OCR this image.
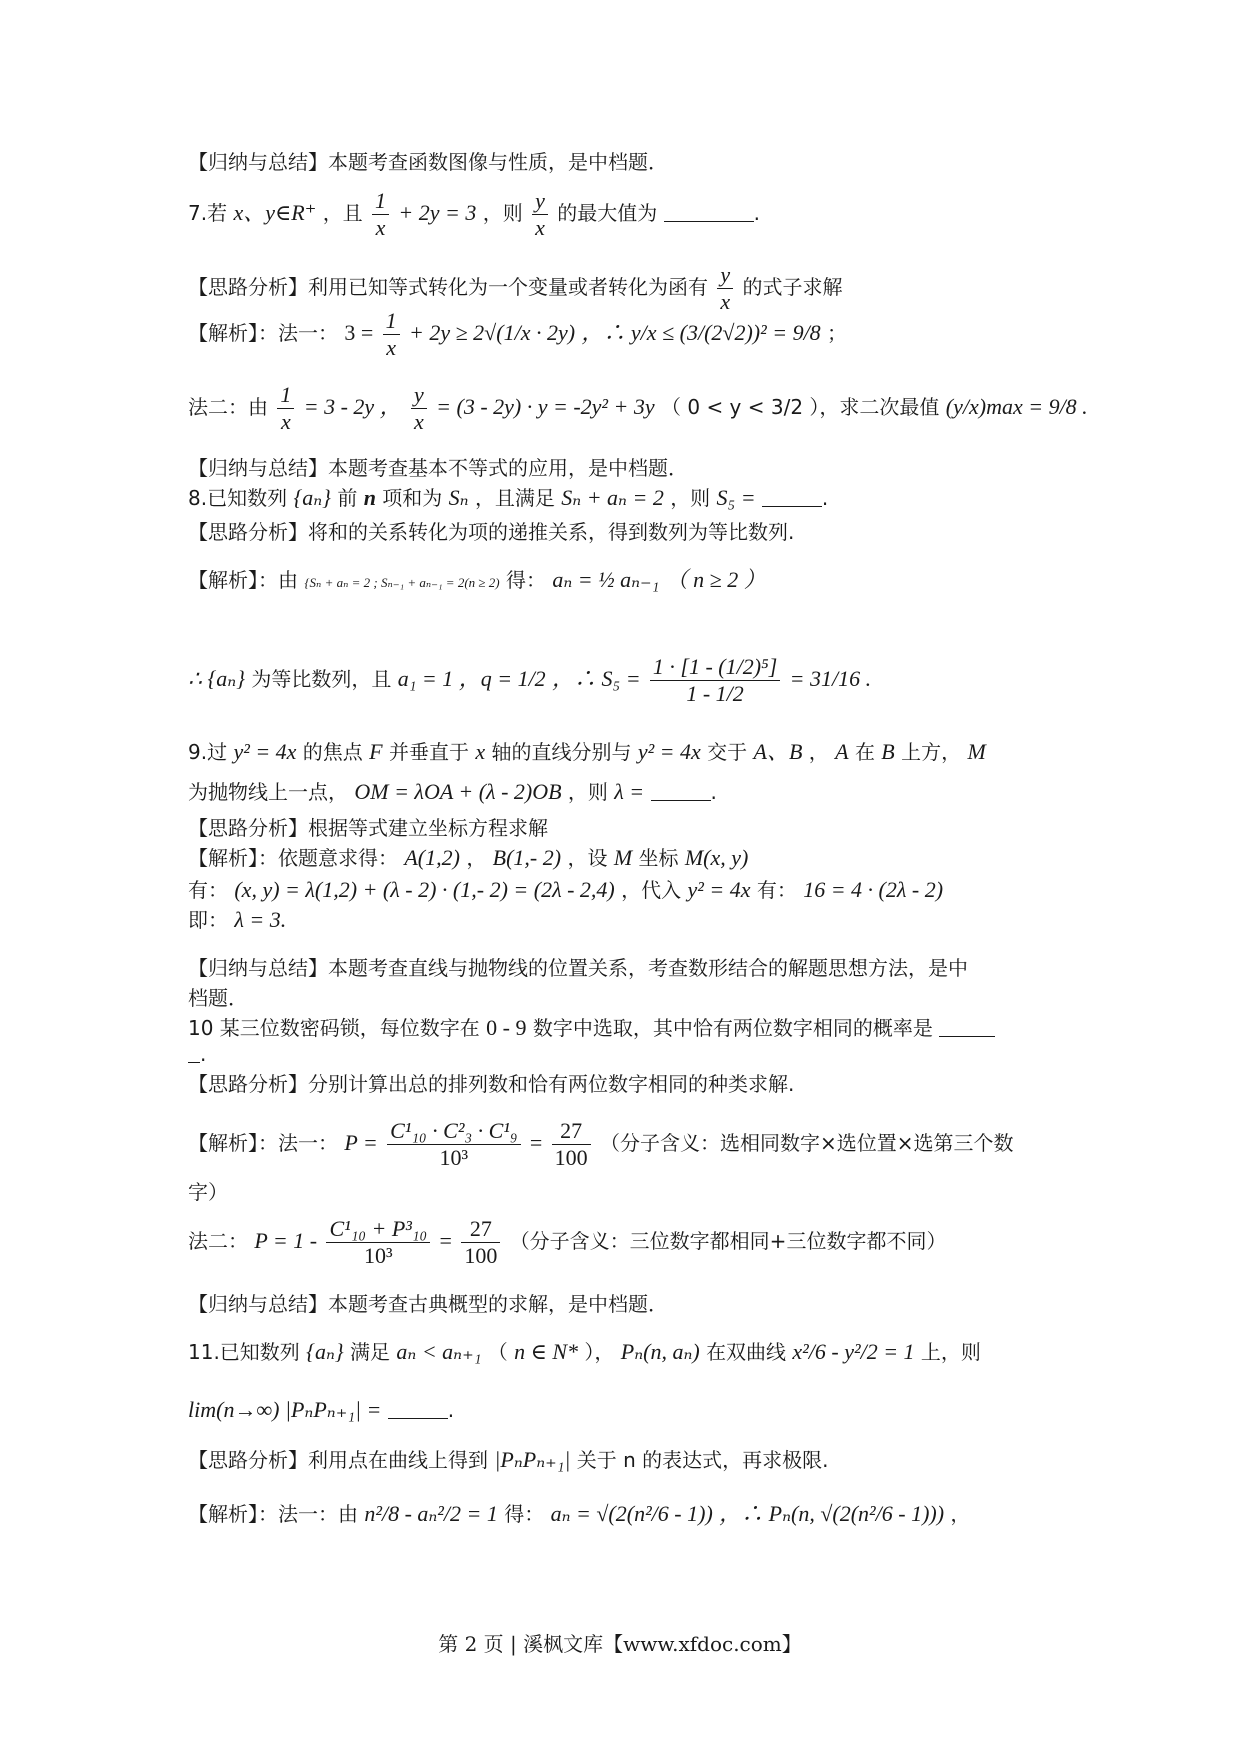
【归纳与总结】本题考查函数图像与性质，是中档题．
7.若 x、y∈R⁺ ，且 $\frac{1}{x} + 2y = 3$ ，则 $\frac{y}{x}$ 的最大值为	.
【思路分析】利用已知等式转化为一个变量或者转化为函有 $\frac{y}{x}$ 的式子求解
【解析】：法一： $3 = \frac{1}{x} + 2y \ge 2√(1/x \cdot 2y)$ ，∴ y/x ≤ (3/(2√2))² = 9/8 ；
法二：由 $\frac{1}{x} = 3 - 2y$ ， $\frac{y}{x} = (3 - 2y) \cdot y = -2y^2 + 3y$ （ 0 < y < 3/2 ），求二次最值 (y/x)max = 9/8 .
【归纳与总结】本题考查基本不等式的应用，是中档题．
8.已知数列 {aₙ} 前 n 项和为 Sₙ ，且满足 Sₙ + aₙ = 2 ，则 S₅ =	.
【思路分析】将和的关系转化为项的递推关系，得到数列为等比数列.
【解析】：由 {Sₙ + aₙ = 2 ; Sₙ₋₁ + aₙ₋₁ = 2(n ≥ 2) 得： aₙ = ½ aₙ₋₁ （ n ≥ 2 ）
∴ {aₙ} 为等比数列，且 a₁ = 1 ，q = 1/2 ，∴ $S_5 = \frac{\text{1 · [1 - (1/2)⁵]}}{1 - 1/2} = 31/16$ .
9.过 y² = 4x 的焦点 F 并垂直于 x 轴的直线分别与 y² = 4x 交于 A、B ， A 在 B 上方， M
为抛物线上一点， OM = λOA + (λ - 2)OB ，则 λ =	.
【思路分析】根据等式建立坐标方程求解
【解析】：依题意求得： A(1,2) ， B(1,- 2) ，设 M 坐标 M(x, y)
有： (x, y) = λ(1,2) + (λ - 2) · (1,- 2) = (2λ - 2,4) ，代入 y² = 4x 有： 16 = 4 · (2λ - 2)
即： λ = 3.
【归纳与总结】本题考查直线与抛物线的位置关系，考查数形结合的解题思想方法，是中
档题．
10 某三位数密码锁，每位数字在 0 - 9 数字中选取，其中恰有两位数字相同的概率是
.
【思路分析】分别计算出总的排列数和恰有两位数字相同的种类求解.
【解析】：法一： $P = \frac{\text{C¹₁₀ · C²₃ · C¹₉}}{\text{10³}} = \frac{27}{100}$ （分子含义：选相同数字×选位置×选第三个数
字）
法二： $P = 1 - \frac{\text{C¹₁₀ + P³₁₀}}{\text{10³}} = \frac{27}{100}$ （分子含义：三位数字都相同+三位数字都不同）
【归纳与总结】本题考查古典概型的求解，是中档题．
11.已知数列 {aₙ} 满足 aₙ < aₙ₊₁ （ n ∈ N* ）， Pₙ(n, aₙ) 在双曲线 x²/6 - y²/2 = 1 上，则
lim(n→∞) |PₙPₙ₊₁| =	.
【思路分析】利用点在曲线上得到 |PₙPₙ₊₁| 关于 n 的表达式，再求极限.
【解析】：法一：由 n²/8 - aₙ²/2 = 1 得： aₙ = √(2(n²/6 - 1)) ，∴ Pₙ(n, √(2(n²/6 - 1))) ，
第 2 页 | 溪枫文库【www.xfdoc.com】
